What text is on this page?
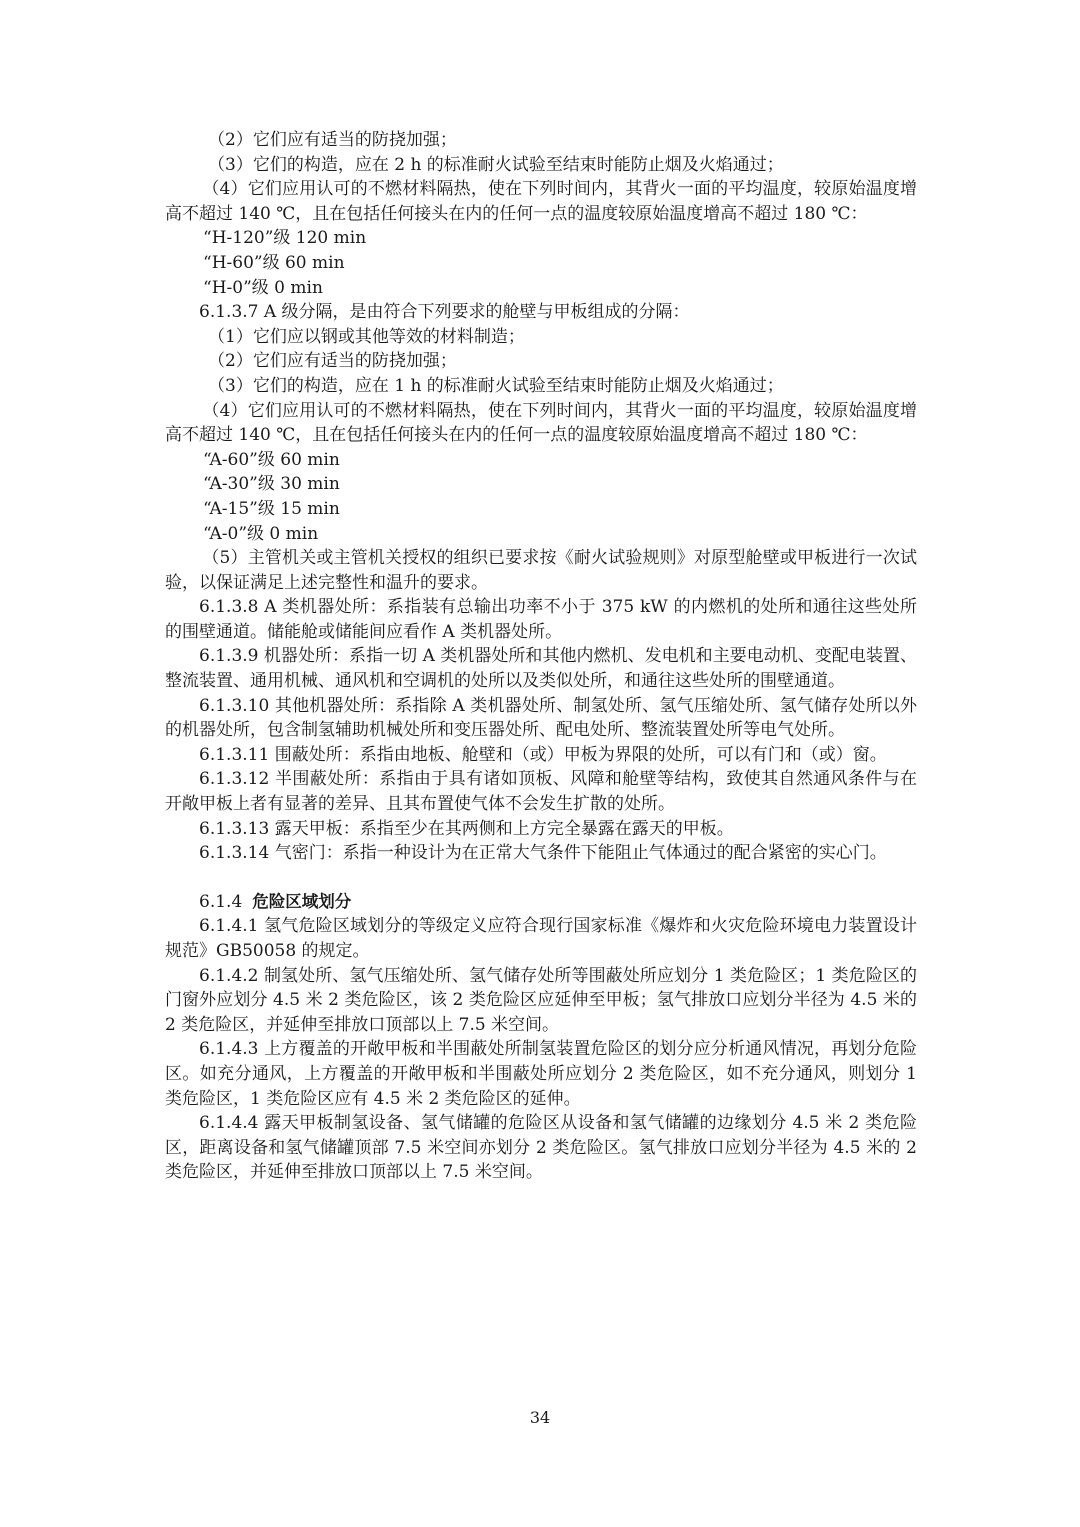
（2）它们应有适当的防挠加强；

（3）它们的构造，应在 2 h 的标准耐火试验至结束时能防止烟及火焰通过；

（4）它们应用认可的不燃材料隔热，使在下列时间内，其背火一面的平均温度，较原始温度增高不超过 140 ℃，且在包括任何接头在内的任何一点的温度较原始温度增高不超过 180 ℃：

“H-120”级 120 min

“H-60”级 60 min

“H-0”级 0 min

6.1.3.7 A 级分隔，是由符合下列要求的舱壁与甲板组成的分隔：

（1）它们应以钢或其他等效的材料制造；

（2）它们应有适当的防挠加强；

（3）它们的构造，应在 1 h 的标准耐火试验至结束时能防止烟及火焰通过；

（4）它们应用认可的不燃材料隔热，使在下列时间内，其背火一面的平均温度，较原始温度增高不超过 140 ℃，且在包括任何接头在内的任何一点的温度较原始温度增高不超过 180 ℃：

“A-60”级 60 min

“A-30”级 30 min

“A-15”级 15 min

“A-0”级 0 min

（5）主管机关或主管机关授权的组织已要求按《耐火试验规则》对原型舱壁或甲板进行一次试验，以保证满足上述完整性和温升的要求。

6.1.3.8 A 类机器处所：系指装有总输出功率不小于 375 kW 的内燃机的处所和通往这些处所的围壁通道。储能舱或储能间应看作 A 类机器处所。

6.1.3.9 机器处所：系指一切 A 类机器处所和其他内燃机、发电机和主要电动机、变配电装置、整流装置、通用机械、通风机和空调机的处所以及类似处所，和通往这些处所的围壁通道。

6.1.3.10 其他机器处所：系指除 A 类机器处所、制氢处所、氢气压缩处所、氢气储存处所以外的机器处所，包含制氢辅助机械处所和变压器处所、配电处所、整流装置处所等电气处所。

6.1.3.11 围蔽处所：系指由地板、舱壁和（或）甲板为界限的处所，可以有门和（或）窗。

6.1.3.12 半围蔽处所：系指由于具有诸如顶板、风障和舱壁等结构，致使其自然通风条件与在开敞甲板上者有显著的差异、且其布置使气体不会发生扩散的处所。

6.1.3.13 露天甲板：系指至少在其两侧和上方完全暴露在露天的甲板。

6.1.3.14 气密门：系指一种设计为在正常大气条件下能阻止气体通过的配合紧密的实心门。

6.1.4 危险区域划分

6.1.4.1 氢气危险区域划分的等级定义应符合现行国家标准《爆炸和火灾危险环境电力装置设计规范》GB50058 的规定。

6.1.4.2 制氢处所、氢气压缩处所、氢气储存处所等围蔽处所应划分 1 类危险区；1 类危险区的门窗外应划分 4.5 米 2 类危险区，该 2 类危险区应延伸至甲板；氢气排放口应划分半径为 4.5 米的 2 类危险区，并延伸至排放口顶部以上 7.5 米空间。

6.1.4.3 上方覆盖的开敞甲板和半围蔽处所制氢装置危险区的划分应分析通风情况，再划分危险区。如充分通风，上方覆盖的开敞甲板和半围蔽处所应划分 2 类危险区，如不充分通风，则划分 1 类危险区，1 类危险区应有 4.5 米 2 类危险区的延伸。

6.1.4.4 露天甲板制氢设备、氢气储罐的危险区从设备和氢气储罐的边缘划分 4.5 米 2 类危险区，距离设备和氢气储罐顶部 7.5 米空间亦划分 2 类危险区。氢气排放口应划分半径为 4.5 米的 2 类危险区，并延伸至排放口顶部以上 7.5 米空间。

34
